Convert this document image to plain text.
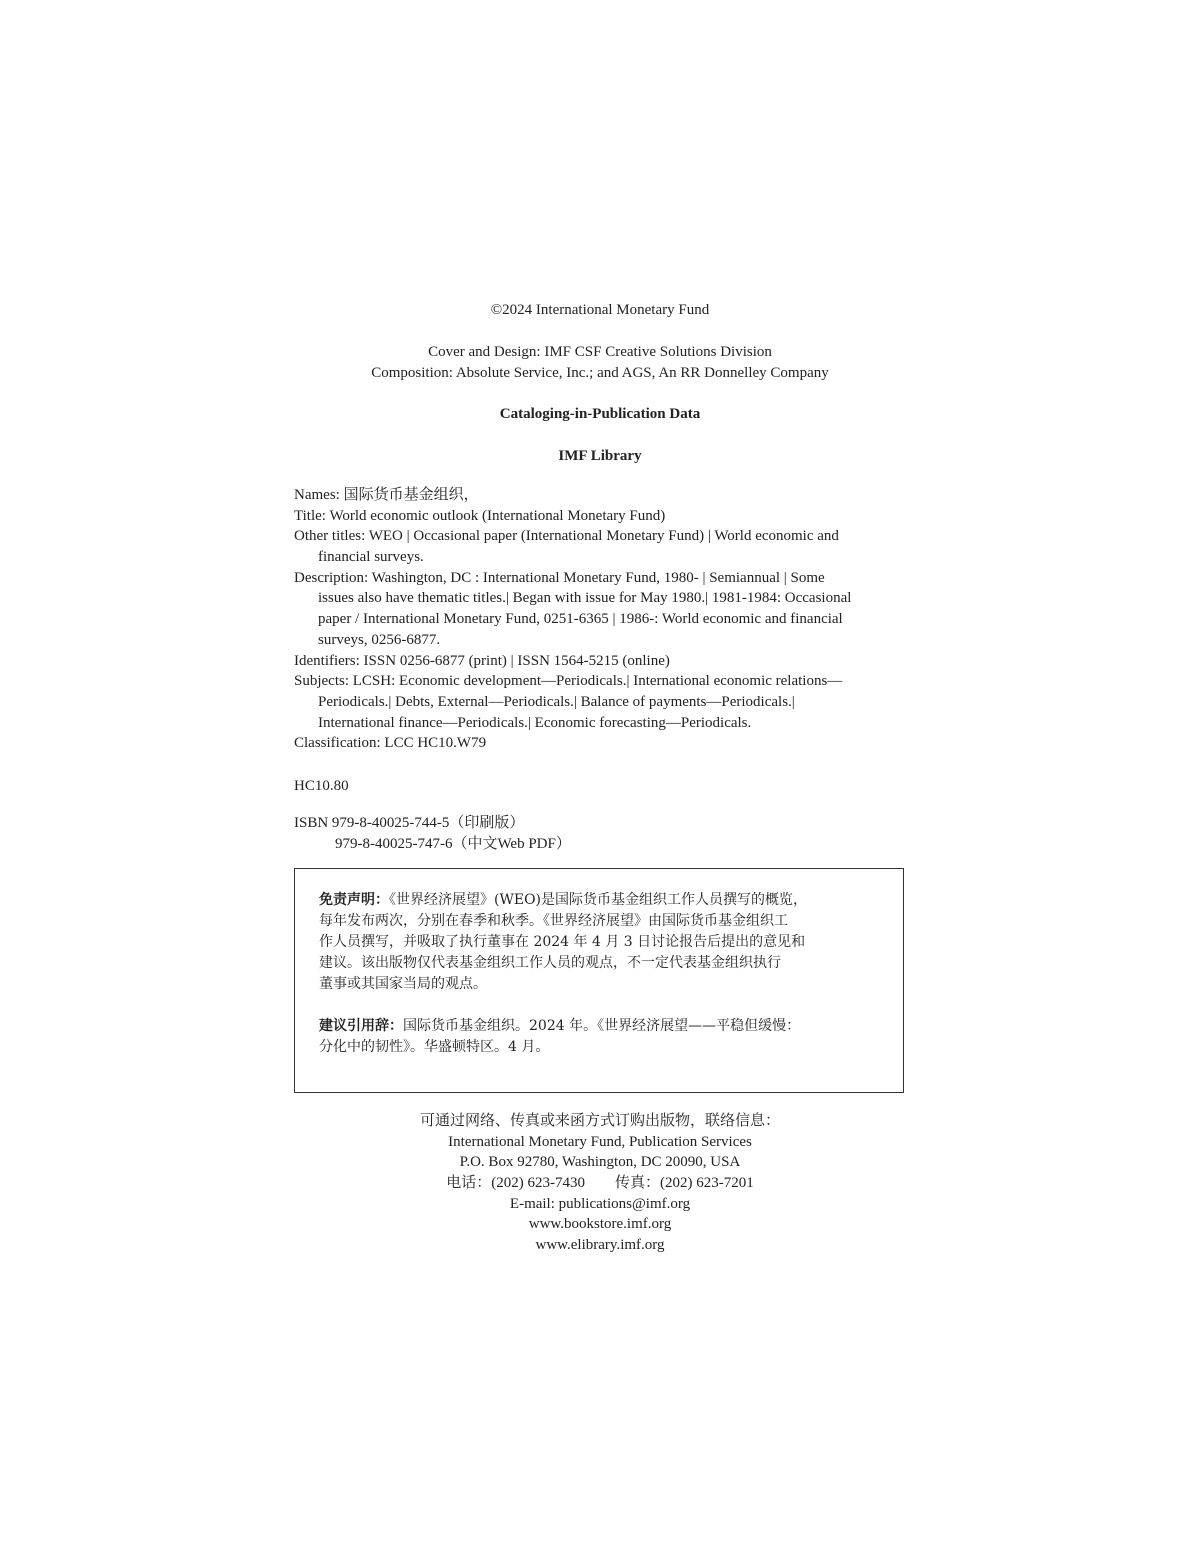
©2024 International Monetary Fund
Cover and Design: IMF CSF Creative Solutions Division
Composition: Absolute Service, Inc.; and AGS, An RR Donnelley Company
Cataloging-in-Publication Data
IMF Library
Names: 国际货币基金组织，
Title: World economic outlook (International Monetary Fund)
Other titles: WEO | Occasional paper (International Monetary Fund) | World economic and
financial surveys.
Description: Washington, DC : International Monetary Fund, 1980- | Semiannual | Some
issues also have thematic titles.| Began with issue for May 1980.| 1981-1984: Occasional
paper / International Monetary Fund, 0251-6365 | 1986-: World economic and financial
surveys, 0256-6877.
Identifiers: ISSN 0256-6877 (print) | ISSN 1564-5215 (online)
Subjects: LCSH: Economic development—Periodicals.| International economic relations—
Periodicals.| Debts, External—Periodicals.| Balance of payments—Periodicals.|
International finance—Periodicals.| Economic forecasting—Periodicals.
Classification: LCC HC10.W79
HC10.80
ISBN 979-8-40025-744-5（印刷版）
979-8-40025-747-6（中文Web PDF）
免责声明：《世界经济展望》(WEO)是国际货币基金组织工作人员撰写的概览，
每年发布两次，分别在春季和秋季。《世界经济展望》由国际货币基金组织工
作人员撰写，并吸取了执行董事在 2024 年 4 月 3 日讨论报告后提出的意见和
建议。该出版物仅代表基金组织工作人员的观点，不一定代表基金组织执行
董事或其国家当局的观点。
建议引用辞：国际货币基金组织。2024 年。《世界经济展望——平稳但缓慢：
分化中的韧性》。华盛顿特区。4 月。
可通过网络、传真或来函方式订购出版物，联络信息：
International Monetary Fund, Publication Services
P.O. Box 92780, Washington, DC 20090, USA
电话：(202) 623-7430　　传真：(202) 623-7201
E-mail: publications@imf.org
www.bookstore.imf.org
www.elibrary.imf.org
